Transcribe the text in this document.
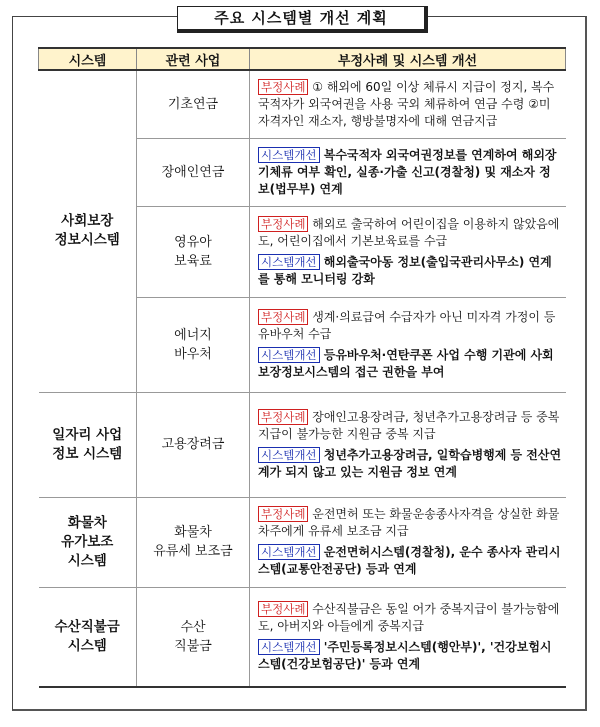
주요 시스템별 개선 계획
시스템	관련 사업	부정사례 및 시스템 개선

사회보장
정보시스템	기초연금	부정사례 ① 해외에 60일 이상 체류시 지급이 정지, 복수국적자가 외국여권을 사용 국외 체류하여 연금 수령 ②미자격자인 재소자, 행방불명자에 대해 연금지급

	장애인연금	시스템개선 복수국적자 외국여권정보를 연계하여 해외장기체류 여부 확인, 실종·가출 신고(경찰청) 및 재소자 정보(법무부) 연계

	영유아
보육료	부정사례 해외로 출국하여 어린이집을 이용하지 않았음에도, 어린이집에서 기본보육료를 수급
시스템개선 해외출국아동 정보(출입국관리사무소) 연계를 통해 모니터링 강화

	에너지
바우처	부정사례 생계·의료급여 수급자가 아닌 미자격 가정이 등유바우처 수급
시스템개선 등유바우처·연탄쿠폰 사업 수행 기관에 사회보장정보시스템의 접근 권한을 부여

일자리 사업
정보 시스템	고용장려금	부정사례 장애인고용장려금, 청년추가고용장려금 등 중복 지급이 불가능한 지원금 중복 지급
시스템개선 청년추가고용장려금, 일학습병행제 등 전산연계가 되지 않고 있는 지원금 정보 연계

화물차
유가보조
시스템	화물차
유류세 보조금	부정사례 운전면허 또는 화물운송종사자격을 상실한 화물차주에게 유류세 보조금 지급
시스템개선 운전면허시스템(경찰청), 운수 종사자 관리시스템(교통안전공단) 등과 연계

수산직불금
시스템	수산
직불금	부정사례 수산직불금은 동일 어가 중복지급이 불가능함에도, 아버지와 아들에게 중복지급
시스템개선 '주민등록정보시스템(행안부)', '건강보험시스템(건강보험공단)' 등과 연계
